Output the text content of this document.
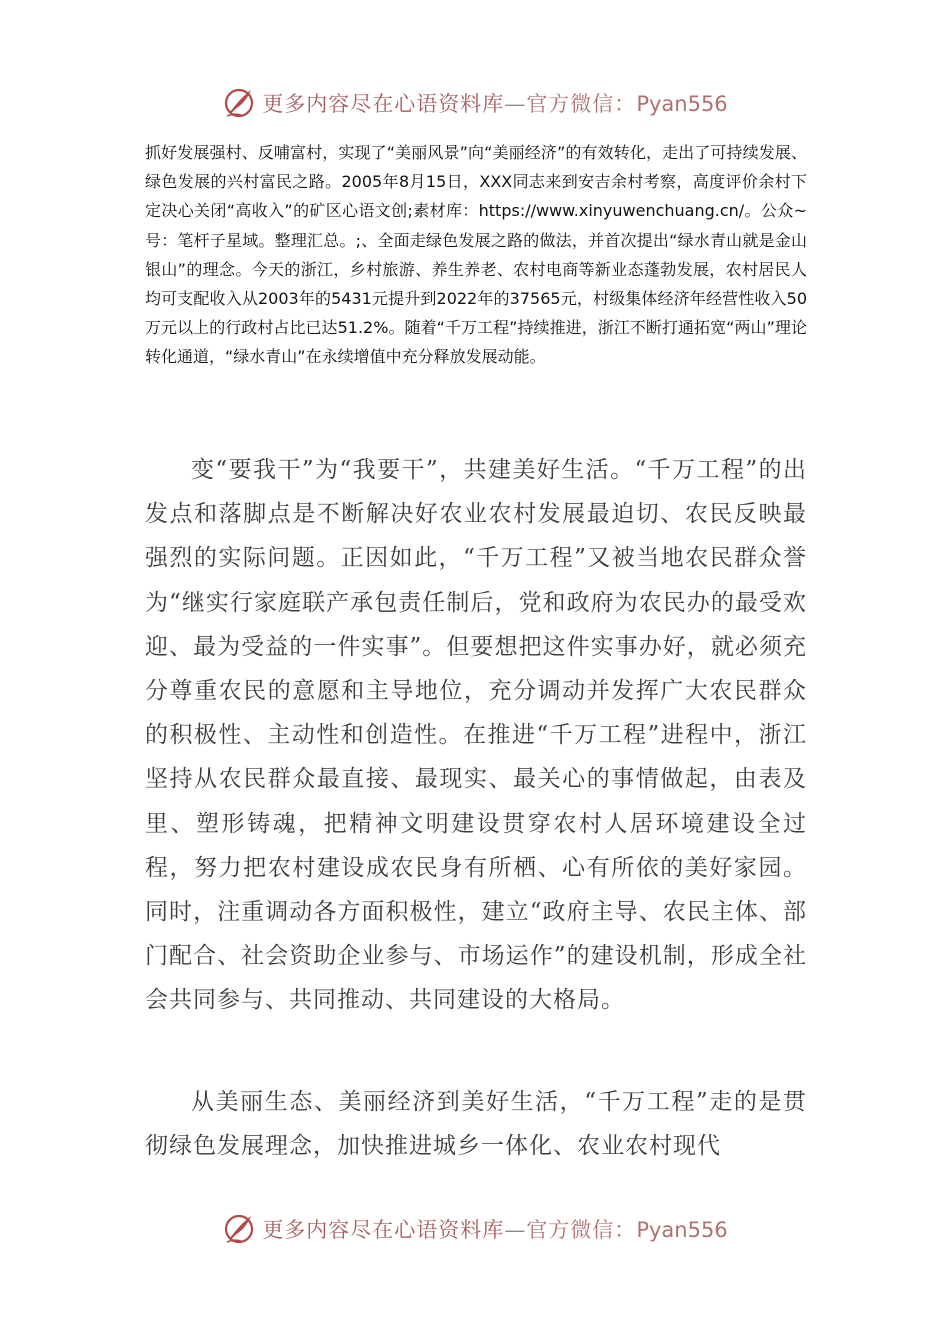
更多内容尽在心语资料库—官方微信：Pyan556

抓好发展强村、反哺富村，实现了“美丽风景”向“美丽经济”的有效转化，走出了可持续发展、绿色发展的兴村富民之路。2005年8月15日，XXX同志来到安吉余村考察，高度评价余村下定决心关闭“高收入”的矿区心语文创;素材库：https://www.xinyuwenchuang.cn/。公众~号：笔杆子星域。整理汇总。;、全面走绿色发展之路的做法，并首次提出“绿水青山就是金山银山”的理念。今天的浙江，乡村旅游、养生养老、农村电商等新业态蓬勃发展，农村居民人均可支配收入从2003年的5431元提升到2022年的37565元，村级集体经济年经营性收入50万元以上的行政村占比已达51.2%。随着“千万工程”持续推进，浙江不断打通拓宽“两山”理论转化通道，“绿水青山”在永续增值中充分释放发展动能。

变“要我干”为“我要干”，共建美好生活。“千万工程”的出发点和落脚点是不断解决好农业农村发展最迫切、农民反映最强烈的实际问题。正因如此，“千万工程”又被当地农民群众誉为“继实行家庭联产承包责任制后，党和政府为农民办的最受欢迎、最为受益的一件实事”。但要想把这件实事办好，就必须充分尊重农民的意愿和主导地位，充分调动并发挥广大农民群众的积极性、主动性和创造性。在推进“千万工程”进程中，浙江坚持从农民群众最直接、最现实、最关心的事情做起，由表及里、塑形铸魂，把精神文明建设贯穿农村人居环境建设全过程，努力把农村建设成农民身有所栖、心有所依的美好家园。同时，注重调动各方面积极性，建立“政府主导、农民主体、部门配合、社会资助企业参与、市场运作”的建设机制，形成全社会共同参与、共同推动、共同建设的大格局。

从美丽生态、美丽经济到美好生活，“千万工程”走的是贯彻绿色发展理念，加快推进城乡一体化、农业农村现代

更多内容尽在心语资料库—官方微信：Pyan556
